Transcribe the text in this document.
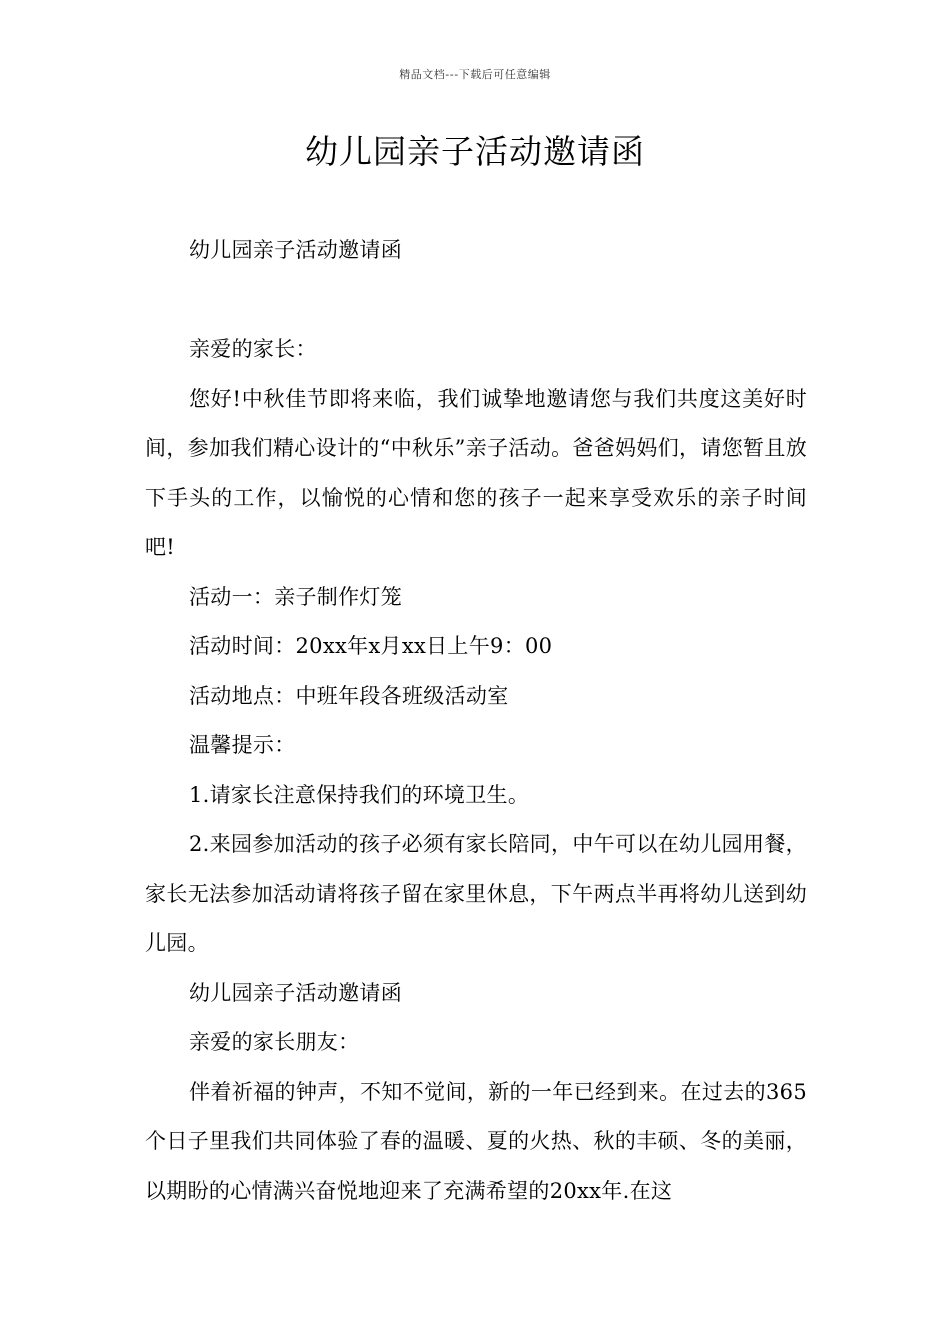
精品文档---下载后可任意编辑
幼儿园亲子活动邀请函

幼儿园亲子活动邀请函

亲爱的家长：

您好!中秋佳节即将来临，我们诚挚地邀请您与我们共度这美好时间，参加我们精心设计的“中秋乐”亲子活动。爸爸妈妈们，请您暂且放下手头的工作，以愉悦的心情和您的孩子一起来享受欢乐的亲子时间吧!

活动一：亲子制作灯笼

活动时间：20xx年x月xx日上午9：00

活动地点：中班年段各班级活动室

温馨提示：

1.请家长注意保持我们的环境卫生。

2.来园参加活动的孩子必须有家长陪同，中午可以在幼儿园用餐，家长无法参加活动请将孩子留在家里休息，下午两点半再将幼儿送到幼儿园。

幼儿园亲子活动邀请函

亲爱的家长朋友：

伴着祈福的钟声，不知不觉间，新的一年已经到来。在过去的365个日子里我们共同体验了春的温暖、夏的火热、秋的丰硕、冬的美丽，以期盼的心情满兴奋悦地迎来了充满希望的20xx年.在这
